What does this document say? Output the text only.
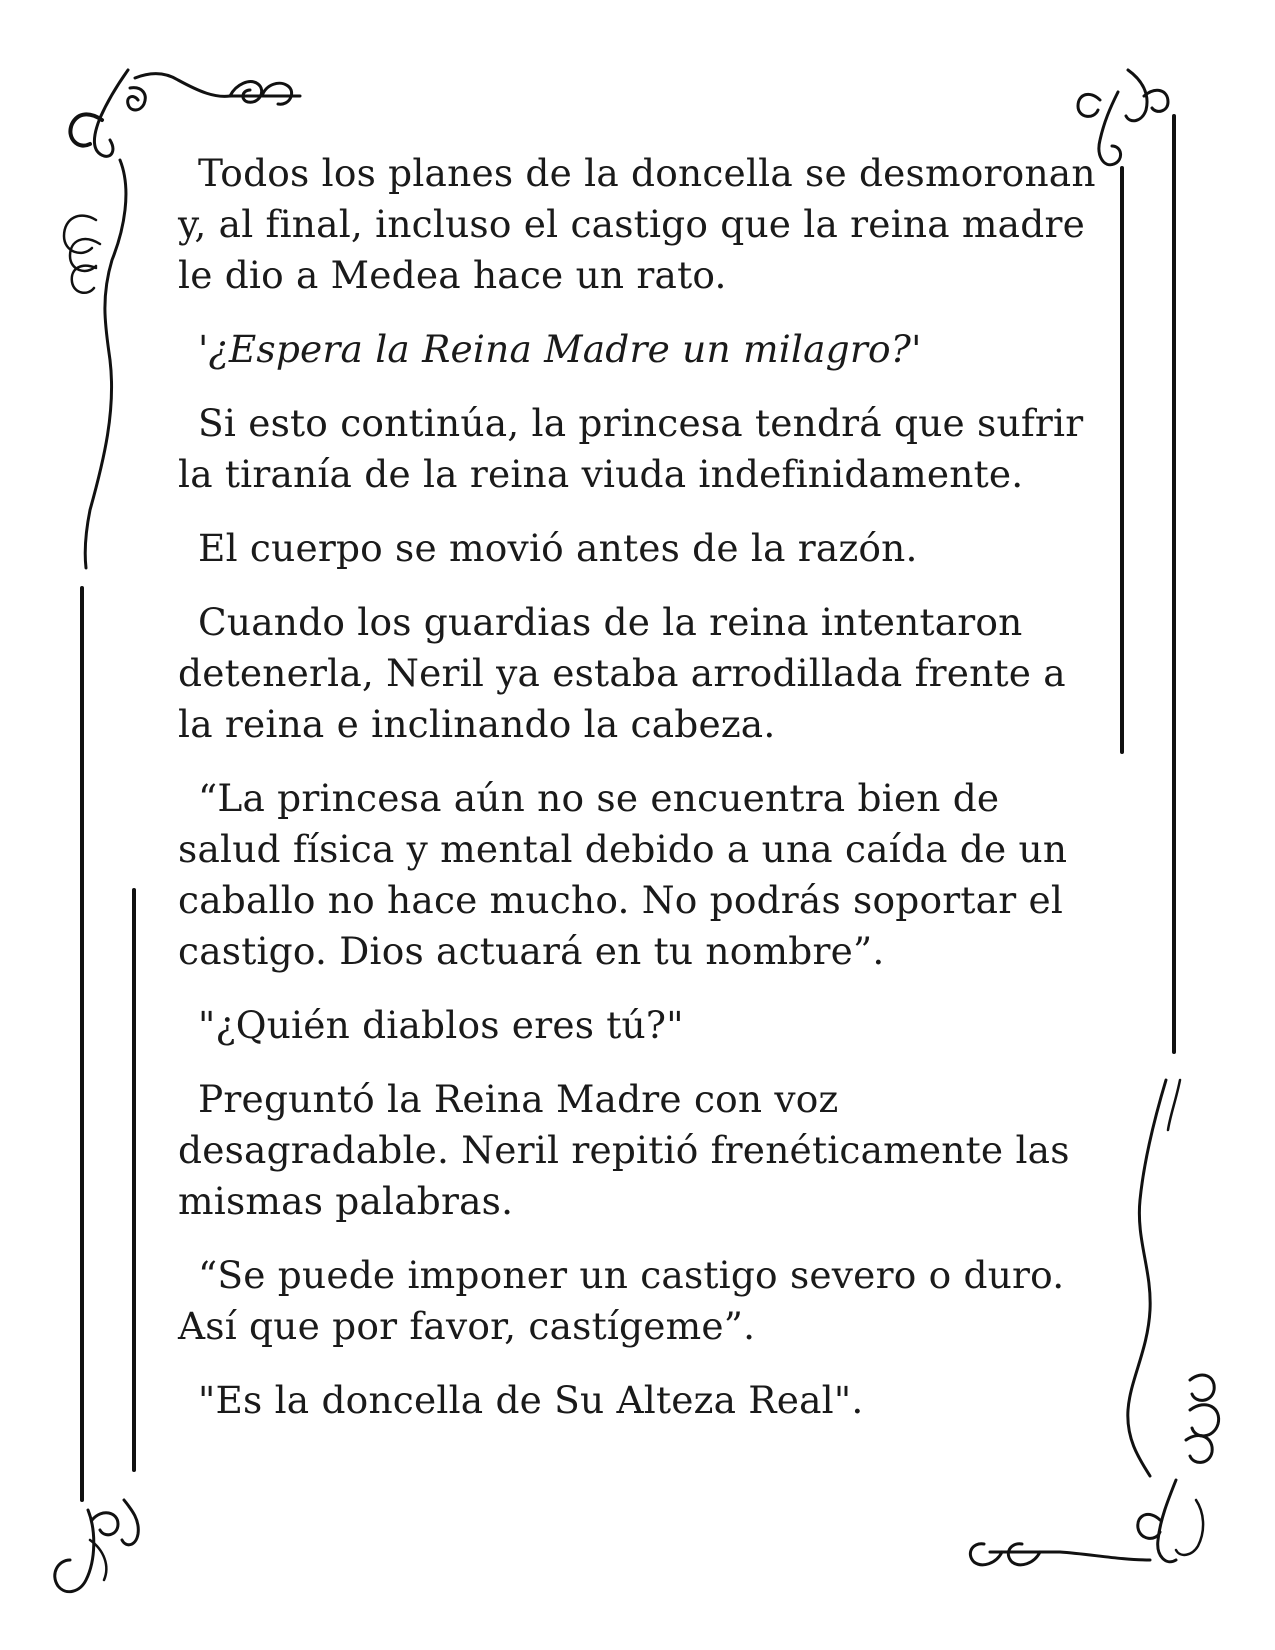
Todos los planes de la doncella se desmoronan
y, al final, incluso el castigo que la reina madre
le dio a Medea hace un rato.

'¿Espera la Reina Madre un milagro?'

Si esto continúa, la princesa tendrá que sufrir
la tiranía de la reina viuda indefinidamente.

El cuerpo se movió antes de la razón.

Cuando los guardias de la reina intentaron
detenerla, Neril ya estaba arrodillada frente a
la reina e inclinando la cabeza.

“La princesa aún no se encuentra bien de
salud física y mental debido a una caída de un
caballo no hace mucho. No podrás soportar el
castigo. Dios actuará en tu nombre”.

"¿Quién diablos eres tú?"

Preguntó la Reina Madre con voz
desagradable. Neril repitió frenéticamente las
mismas palabras.

“Se puede imponer un castigo severo o duro.
Así que por favor, castígeme”.

"Es la doncella de Su Alteza Real".
